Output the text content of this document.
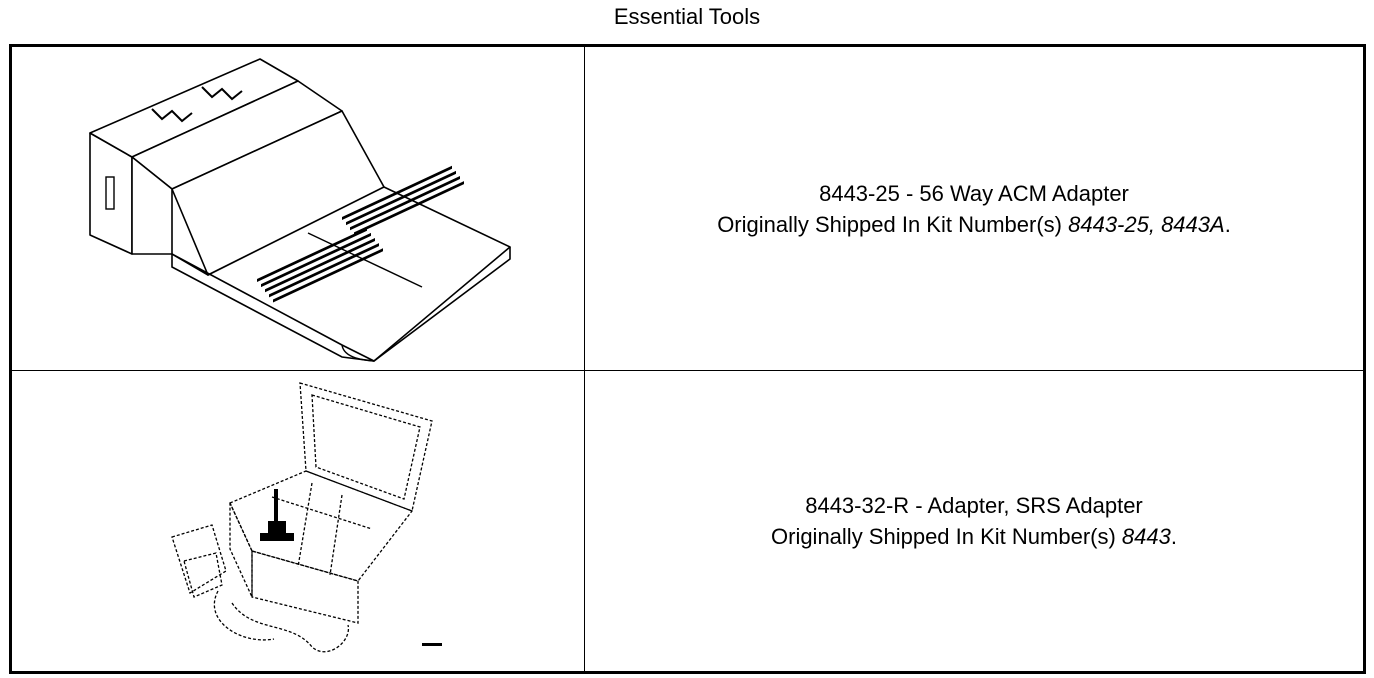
Essential Tools
8443-25 - 56 Way ACM Adapter
Originally Shipped In Kit Number(s) 8443-25, 8443A.
8443-32-R - Adapter, SRS Adapter
Originally Shipped In Kit Number(s) 8443.
